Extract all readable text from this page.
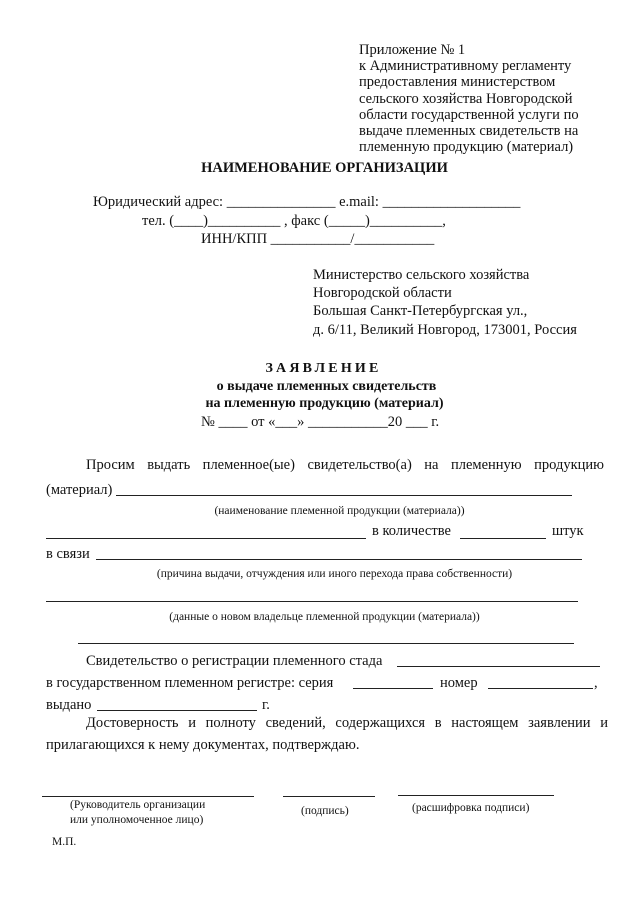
Приложение № 1
к Административному регламенту
предоставления министерством
сельского хозяйства Новгородской
области государственной услуги по
выдаче племенных свидетельств на
племенную продукцию (материал)
НАИМЕНОВАНИЕ ОРГАНИЗАЦИИ
Юридический адрес: _______________ e.mail: ___________________
тел. (____)__________ , факс (_____)__________,
ИНН/КПП ___________/___________
Министерство сельского хозяйства
Новгородской области
Большая Санкт-Петербургская ул.,
д. 6/11, Великий Новгород, 173001, Россия
ЗАЯВЛЕНИЕ
о выдаче племенных свидетельств
на племенную продукцию (материал)
№ ____ от «___» ___________20 ___ г.
Просим выдать племенное(ые) свидетельство(а) на племенную продукцию
(материал)
(наименование племенной продукции (материала))
в количестве	штук
в связи
(причина выдачи, отчуждения или иного перехода права собственности)
(данные о новом владельце племенной продукции (материала))
Свидетельство о регистрации племенного стада
в государственном племенном регистре: серия	номер	,
выдано	г.
Достоверность и полноту сведений, содержащихся в настоящем заявлении и
прилагающихся к нему документах, подтверждаю.
(Руководитель организации
или уполномоченное лицо)
(подпись)	(расшифровка подписи)
М.П.
